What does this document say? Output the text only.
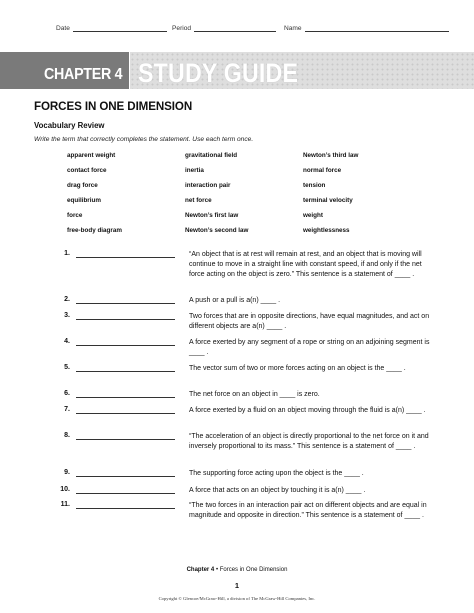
Date	Period	Name
CHAPTER 4 STUDY GUIDE
FORCES IN ONE DIMENSION
Vocabulary Review
Write the term that correctly completes the statement. Use each term once.
apparent weight	gravitational field	Newton’s third law
contact force	inertia	normal force
drag force	interaction pair	tension
equilibrium	net force	terminal velocity
force	Newton’s first law	weight
free-body diagram	Newton’s second law	weightlessness
1.	“An object that is at rest will remain at rest, and an object that is moving will continue to move in a straight line with constant speed, if and only if the net force acting on the object is zero.” This sentence is a statement of ____ .
2.	A push or a pull is a(n) ____ .
3.	Two forces that are in opposite directions, have equal magnitudes, and act on different objects are a(n) ____ .
4.	A force exerted by any segment of a rope or string on an adjoining segment is ____ .
5.	The vector sum of two or more forces acting on an object is the ____ .
6.	The net force on an object in ____ is zero.
7.	A force exerted by a fluid on an object moving through the fluid is a(n) ____ .
8.	“The acceleration of an object is directly proportional to the net force on it and inversely proportional to its mass.” This sentence is a statement of ____ .
9.	The supporting force acting upon the object is the ____ .
10.	A force that acts on an object by touching it is a(n) ____ .
11.	“The two forces in an interaction pair act on different objects and are equal in magnitude and opposite in direction.” This sentence is a statement of ____ .
Chapter 4 • Forces in One Dimension
1
Copyright © Glencoe/McGraw-Hill, a division of The McGraw-Hill Companies, Inc.
